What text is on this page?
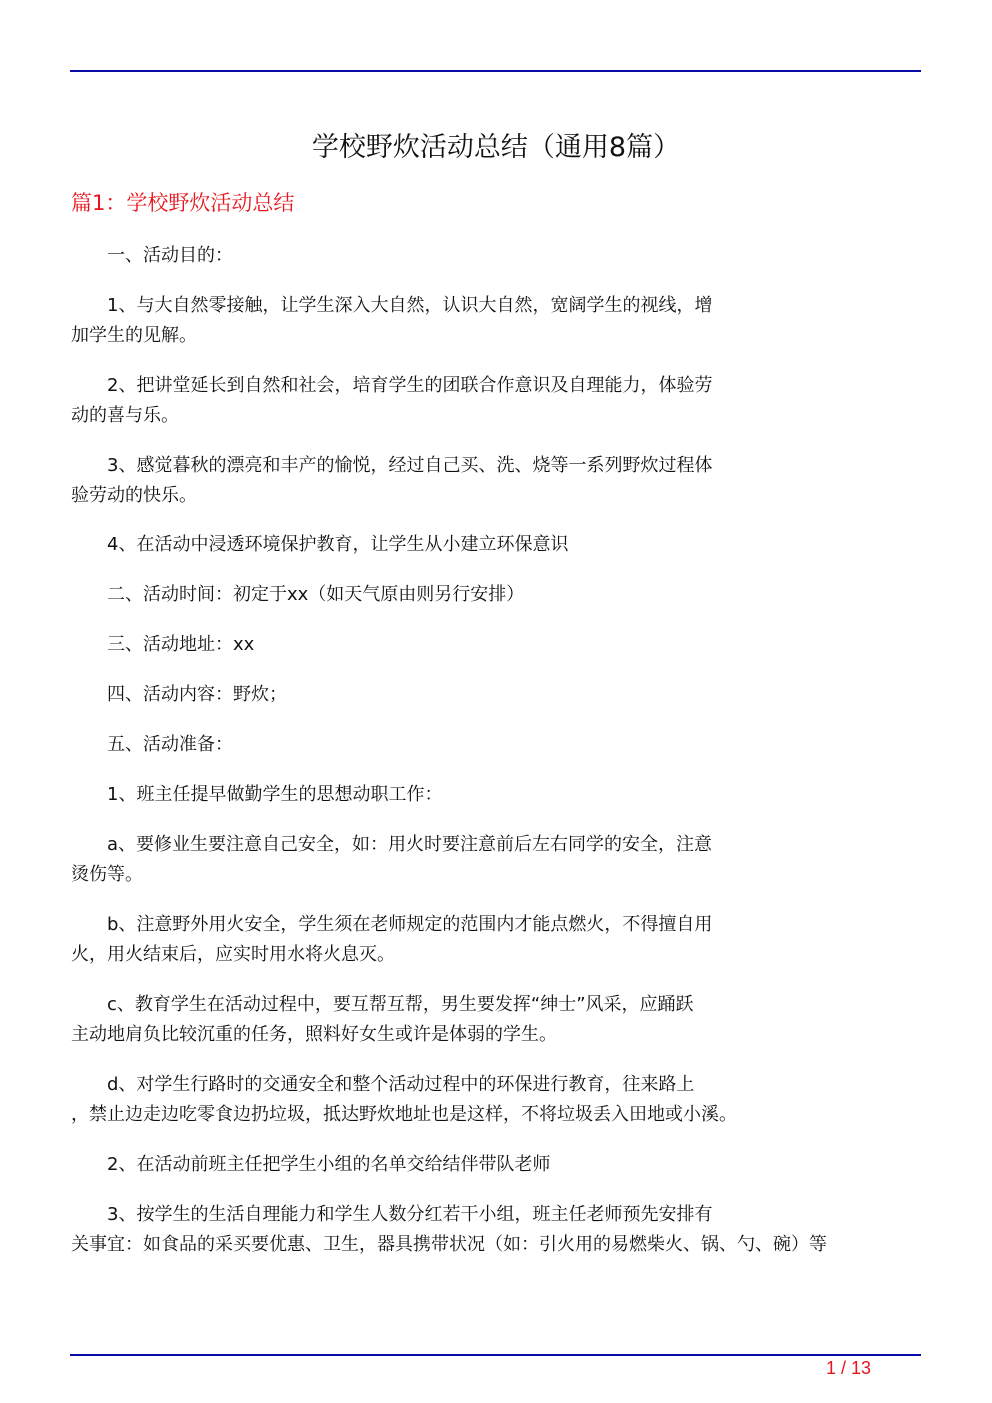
学校野炊活动总结（通用8篇）
篇1：学校野炊活动总结
　　一、活动目的：
　　1、与大自然零接触，让学生深入大自然，认识大自然，宽阔学生的视线，增
加学生的见解。
　　2、把讲堂延长到自然和社会，培育学生的团联合作意识及自理能力，体验劳
动的喜与乐。
　　3、感觉暮秋的漂亮和丰产的愉悦，经过自己买、洗、烧等一系列野炊过程体
验劳动的快乐。
　　4、在活动中浸透环境保护教育，让学生从小建立环保意识
　　二、活动时间：初定于xx（如天气原由则另行安排）
　　三、活动地址：xx
　　四、活动内容：野炊；
　　五、活动准备：
　　1、班主任提早做勤学生的思想动职工作：
　　a、要修业生要注意自己安全，如：用火时要注意前后左右同学的安全，注意
烫伤等。
　　b、注意野外用火安全，学生须在老师规定的范围内才能点燃火，不得擅自用
火，用火结束后，应实时用水将火息灭。
　　c、教育学生在活动过程中，要互帮互帮，男生要发挥“绅士”风采，应踊跃
主动地肩负比较沉重的任务，照料好女生或许是体弱的学生。
　　d、对学生行路时的交通安全和整个活动过程中的环保进行教育，往来路上
，禁止边走边吃零食边扔垃圾，抵达野炊地址也是这样，不将垃圾丢入田地或小溪。
　　2、在活动前班主任把学生小组的名单交给结伴带队老师
　　3、按学生的生活自理能力和学生人数分红若干小组，班主任老师预先安排有
关事宜：如食品的采买要优惠、卫生，器具携带状况（如：引火用的易燃柴火、锅、勺、碗）等
1 / 13
